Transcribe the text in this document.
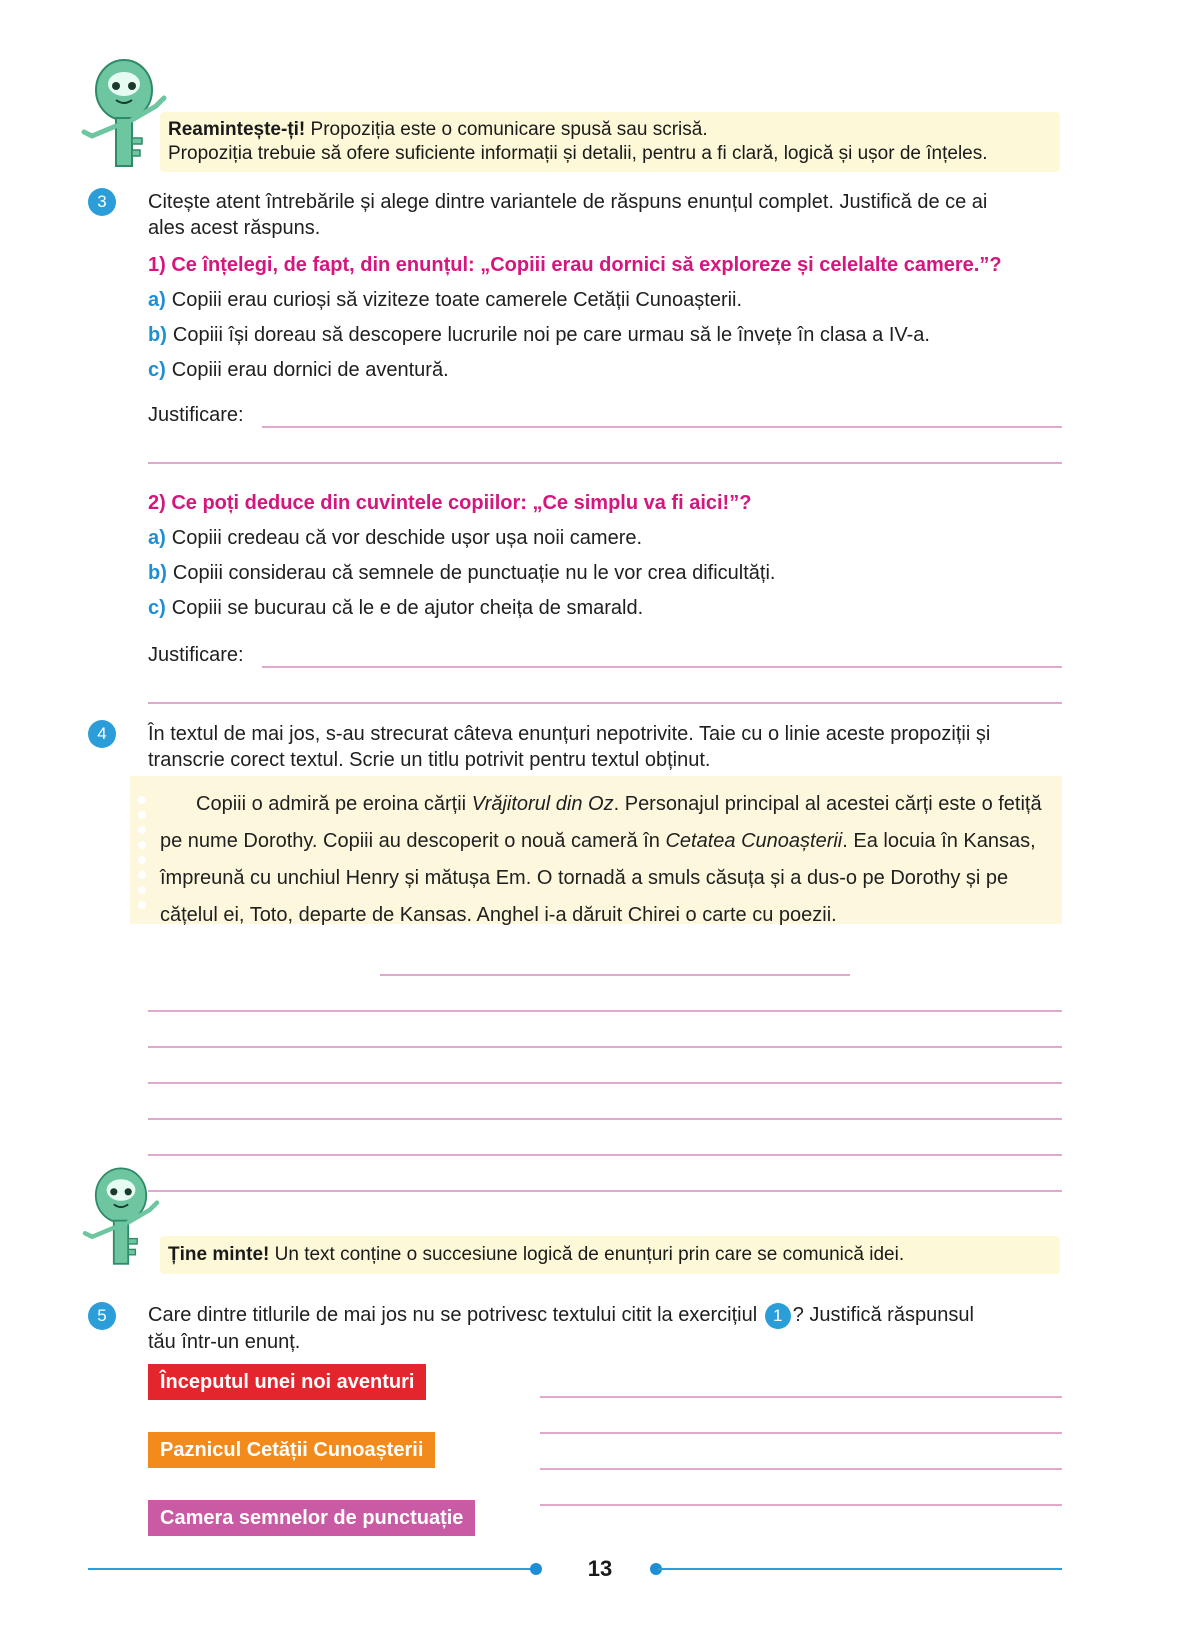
Reamintește-ți! Propoziția este o comunicare spusă sau scrisă.
Propoziția trebuie să ofere suficiente informații și detalii, pentru a fi clară, logică și ușor de înțeles.
3	Citește atent întrebările și alege dintre variantele de răspuns enunțul complet. Justifică de ce ai
ales acest răspuns.
1) Ce înțelegi, de fapt, din enunțul: „Copiii erau dornici să exploreze și celelalte camere.”?
a) Copiii erau curioși să viziteze toate camerele Cetății Cunoașterii.
b) Copiii își doreau să descopere lucrurile noi pe care urmau să le învețe în clasa a IV-a.
c) Copiii erau dornici de aventură.
Justificare:
2) Ce poți deduce din cuvintele copiilor: „Ce simplu va fi aici!”?
a) Copiii credeau că vor deschide ușor ușa noii camere.
b) Copiii considerau că semnele de punctuație nu le vor crea dificultăți.
c) Copiii se bucurau că le e de ajutor cheița de smarald.
Justificare:
4	În textul de mai jos, s-au strecurat câteva enunțuri nepotrivite. Taie cu o linie aceste propoziții și
transcrie corect textul. Scrie un titlu potrivit pentru textul obținut.
Copiii o admiră pe eroina cărții Vrăjitorul din Oz. Personajul principal al acestei cărți este o fetiță pe nume Dorothy. Copiii au descoperit o nouă cameră în Cetatea Cunoașterii. Ea locuia în Kansas, împreună cu unchiul Henry și mătușa Em. O tornadă a smuls căsuța și a dus-o pe Dorothy și pe cățelul ei, Toto, departe de Kansas. Anghel i-a dăruit Chirei o carte cu poezii.
Ține minte! Un text conține o succesiune logică de enunțuri prin care se comunică idei.
5	Care dintre titlurile de mai jos nu se potrivesc textului citit la exercițiul 1 ? Justifică răspunsul
tău într-un enunț.
Începutul unei noi aventuri
Paznicul Cetății Cunoașterii
Camera semnelor de punctuație
13
